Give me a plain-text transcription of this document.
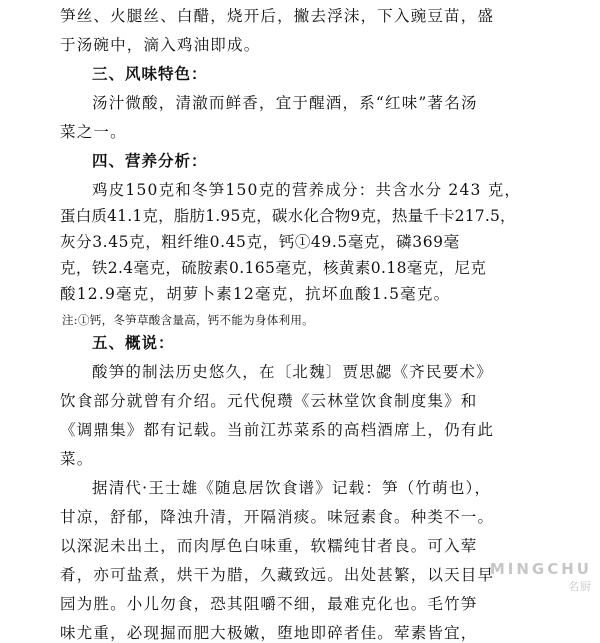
笋丝、火腿丝、白醋，烧开后，撇去浮沫，下入豌豆苗，盛
于汤碗中，滴入鸡油即成。
三、风味特色：
汤汁微酸，清澈而鲜香，宜于醒酒，系“红味”著名汤
菜之一。
四、营养分析：
鸡皮150克和冬笋150克的营养成分：共含水分 243 克，
蛋白质41.1克，脂肪1.95克，碳水化合物9克，热量千卡217.5，
灰分3.45克，粗纤维0.45克，钙①49.5毫克，磷369毫
克，铁2.4毫克，硫胺素0.165毫克，核黄素0.18毫克，尼克
酸12.9毫克，胡萝卜素12毫克，抗坏血酸1.5毫克。
注:①钙，冬笋草酸含量高，钙不能为身体利用。
五、概说：
酸笋的制法历史悠久，在〔北魏〕贾思勰《齐民要术》
饮食部分就曾有介绍。元代倪瓒《云林堂饮食制度集》和
《调鼎集》都有记载。当前江苏菜系的高档酒席上，仍有此
菜。
据清代·王士雄《随息居饮食谱》记载：笋（竹萌也），
甘凉，舒郁，降浊升清，开隔消痰。味冠素食。种类不一。
以深泥未出土，而肉厚色白味重，软糯纯甘者良。可入荤
肴，亦可盐煮，烘干为腊，久藏致远。出处甚繁，以天目早
园为胜。小儿勿食，恐其阻嚼不细，最难克化也。毛竹笋
味尤重，必现掘而肥大极嫩，堕地即碎者佳。荤素皆宜，
MINGCHU
名厨
